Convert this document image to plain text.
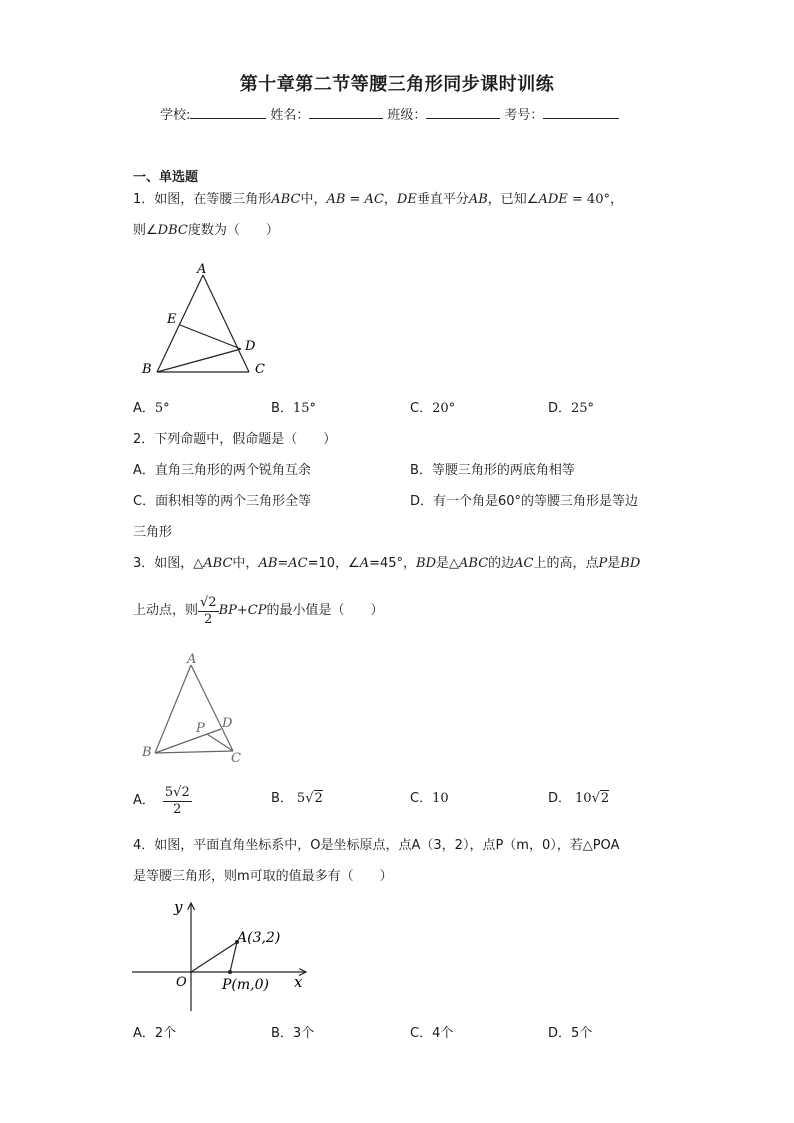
第十章第二节等腰三角形同步课时训练
学校:	姓名：	班级：	考号：
一、单选题
1．如图，在等腰三角形ABC中，AB = AC，DE垂直平分AB，已知∠ADE = 40°，
则∠DBC度数为（　　）
A
E
D
B	C
A．5°	B．15°	C．20°	D．25°
2．下列命题中，假命题是（　　）
A．直角三角形的两个锐角互余	B．等腰三角形的两底角相等
C．面积相等的两个三角形全等	D．有一个角是60°的等腰三角形是等边
三角形
3．如图，△ABC中，AB=AC=10，∠A=45°，BD是△ABC的边AC上的高，点P是BD
上动点，则 $\frac{√2}{2} BP+CP$的最小值是（　　）
A
P D
B	C
A． $\frac{5√2}{2}$	B． 5√2	C．10	D． 10√2
4．如图，平面直角坐标系中，O是坐标原点，点A（3，2），点P（m，0），若△POA
是等腰三角形，则m可取的值最多有（　　）
y
x
O
A(3,2)
P(m,0)
A．2个	B．3个	C．4个	D．5个
